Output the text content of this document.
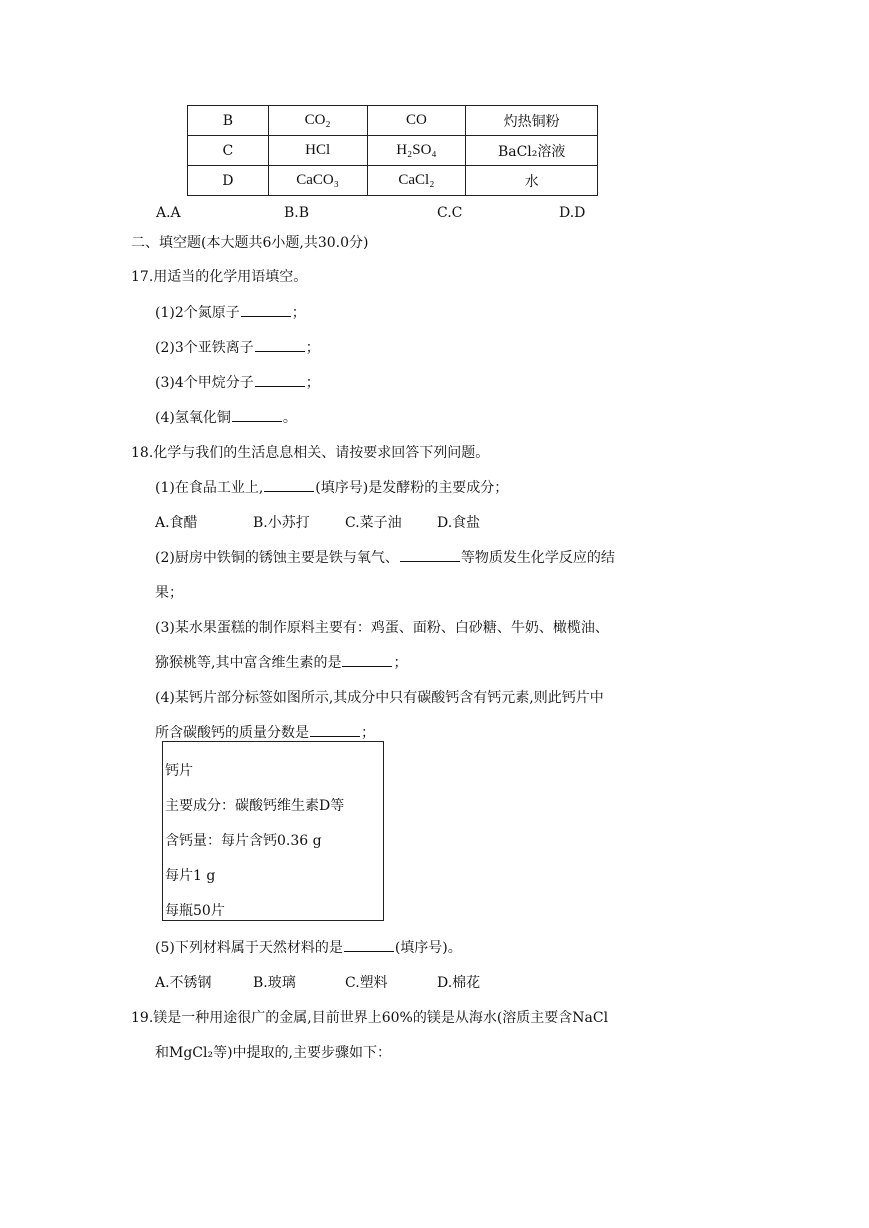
B	CO₂	CO	灼热铜粉
C	HCl	H₂SO₄	BaCl₂溶液
D	CaCO₃	CaCl₂	水
A.A	B.B	C.C	D.D
二、填空题(本大题共6小题,共30.0分)
17.用适当的化学用语填空。
(1)2个氮原子	；
(2)3个亚铁离子	；
(3)4个甲烷分子	；
(4)氢氧化铜	。
18.化学与我们的生活息息相关、请按要求回答下列问题。
(1)在食品工业上,	(填序号)是发酵粉的主要成分；
A.食醋	B.小苏打	C.菜子油	D.食盐
(2)厨房中铁铜的锈蚀主要是铁与氧气、	等物质发生化学反应的结
果；
(3)某水果蛋糕的制作原料主要有：鸡蛋、面粉、白砂糖、牛奶、橄榄油、
猕猴桃等,其中富含维生素的是	；
(4)某钙片部分标签如图所示,其成分中只有碳酸钙含有钙元素,则此钙片中
所含碳酸钙的质量分数是	；
钙片
主要成分：碳酸钙维生素D等
含钙量：每片含钙0.36 g
每片1 g
每瓶50片
(5)下列材料属于天然材料的是	(填序号)。
A.不锈钢	B.玻璃	C.塑料	D.棉花
19.镁是一种用途很广的金属,目前世界上60%的镁是从海水(溶质主要含NaCl
和MgCl₂等)中提取的,主要步骤如下：
